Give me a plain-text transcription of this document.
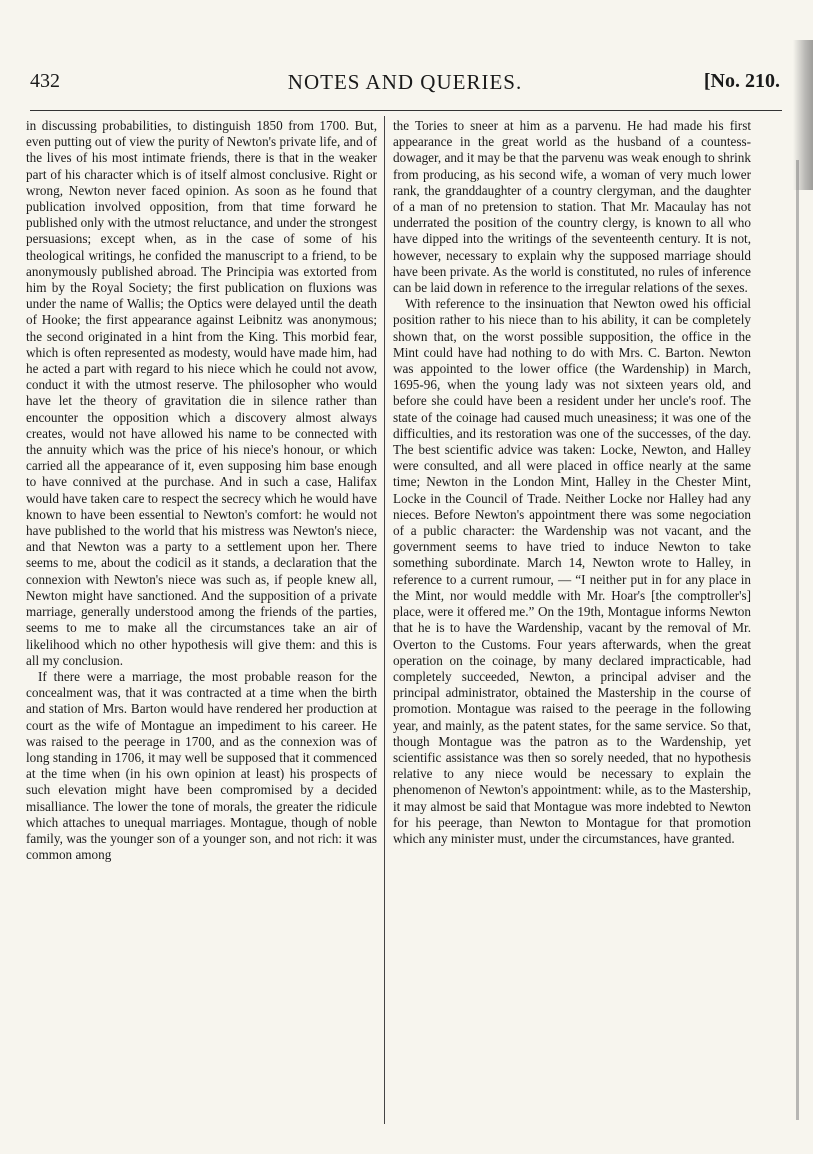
432	NOTES AND QUERIES.	[No. 210.

in discussing probabilities, to distinguish 1850 from 1700. But, even putting out of view the purity of Newton's private life, and of the lives of his most intimate friends, there is that in the weaker part of his character which is of itself almost conclusive. Right or wrong, Newton never faced opinion. As soon as he found that publication involved opposition, from that time forward he published only with the utmost reluctance, and under the strongest persuasions; except when, as in the case of some of his theological writings, he confided the manuscript to a friend, to be anonymously published abroad. The Principia was extorted from him by the Royal Society; the first publication on fluxions was under the name of Wallis; the Optics were delayed until the death of Hooke; the first appearance against Leibnitz was anonymous; the second originated in a hint from the King. This morbid fear, which is often represented as modesty, would have made him, had he acted a part with regard to his niece which he could not avow, conduct it with the utmost reserve. The philosopher who would have let the theory of gravitation die in silence rather than encounter the opposition which a discovery almost always creates, would not have allowed his name to be connected with the annuity which was the price of his niece's honour, or which carried all the appearance of it, even supposing him base enough to have connived at the purchase. And in such a case, Halifax would have taken care to respect the secrecy which he would have known to have been essential to Newton's comfort: he would not have published to the world that his mistress was Newton's niece, and that Newton was a party to a settlement upon her. There seems to me, about the codicil as it stands, a declaration that the connexion with Newton's niece was such as, if people knew all, Newton might have sanctioned. And the supposition of a private marriage, generally understood among the friends of the parties, seems to me to make all the circumstances take an air of likelihood which no other hypothesis will give them: and this is all my conclusion.

If there were a marriage, the most probable reason for the concealment was, that it was contracted at a time when the birth and station of Mrs. Barton would have rendered her production at court as the wife of Montague an impediment to his career. He was raised to the peerage in 1700, and as the connexion was of long standing in 1706, it may well be supposed that it commenced at the time when (in his own opinion at least) his prospects of such elevation might have been compromised by a decided misalliance. The lower the tone of morals, the greater the ridicule which attaches to unequal marriages. Montague, though of noble family, was the younger son of a younger son, and not rich: it was common among

the Tories to sneer at him as a parvenu. He had made his first appearance in the great world as the husband of a countess-dowager, and it may be that the parvenu was weak enough to shrink from producing, as his second wife, a woman of very much lower rank, the granddaughter of a country clergyman, and the daughter of a man of no pretension to station. That Mr. Macaulay has not underrated the position of the country clergy, is known to all who have dipped into the writings of the seventeenth century. It is not, however, necessary to explain why the supposed marriage should have been private. As the world is constituted, no rules of inference can be laid down in reference to the irregular relations of the sexes.

With reference to the insinuation that Newton owed his official position rather to his niece than to his ability, it can be completely shown that, on the worst possible supposition, the office in the Mint could have had nothing to do with Mrs. C. Barton. Newton was appointed to the lower office (the Wardenship) in March, 1695-96, when the young lady was not sixteen years old, and before she could have been a resident under her uncle's roof. The state of the coinage had caused much uneasiness; it was one of the difficulties, and its restoration was one of the successes, of the day. The best scientific advice was taken: Locke, Newton, and Halley were consulted, and all were placed in office nearly at the same time; Newton in the London Mint, Halley in the Chester Mint, Locke in the Council of Trade. Neither Locke nor Halley had any nieces. Before Newton's appointment there was some negociation of a public character: the Wardenship was not vacant, and the government seems to have tried to induce Newton to take something subordinate. March 14, Newton wrote to Halley, in reference to a current rumour, — “I neither put in for any place in the Mint, nor would meddle with Mr. Hoar's [the comptroller's] place, were it offered me.” On the 19th, Montague informs Newton that he is to have the Wardenship, vacant by the removal of Mr. Overton to the Customs. Four years afterwards, when the great operation on the coinage, by many declared impracticable, had completely succeeded, Newton, a principal adviser and the principal administrator, obtained the Mastership in the course of promotion. Montague was raised to the peerage in the following year, and mainly, as the patent states, for the same service. So that, though Montague was the patron as to the Wardenship, yet scientific assistance was then so sorely needed, that no hypothesis relative to any niece would be necessary to explain the phenomenon of Newton's appointment: while, as to the Mastership, it may almost be said that Montague was more indebted to Newton for his peerage, than Newton to Montague for that promotion which any minister must, under the circumstances, have granted.
